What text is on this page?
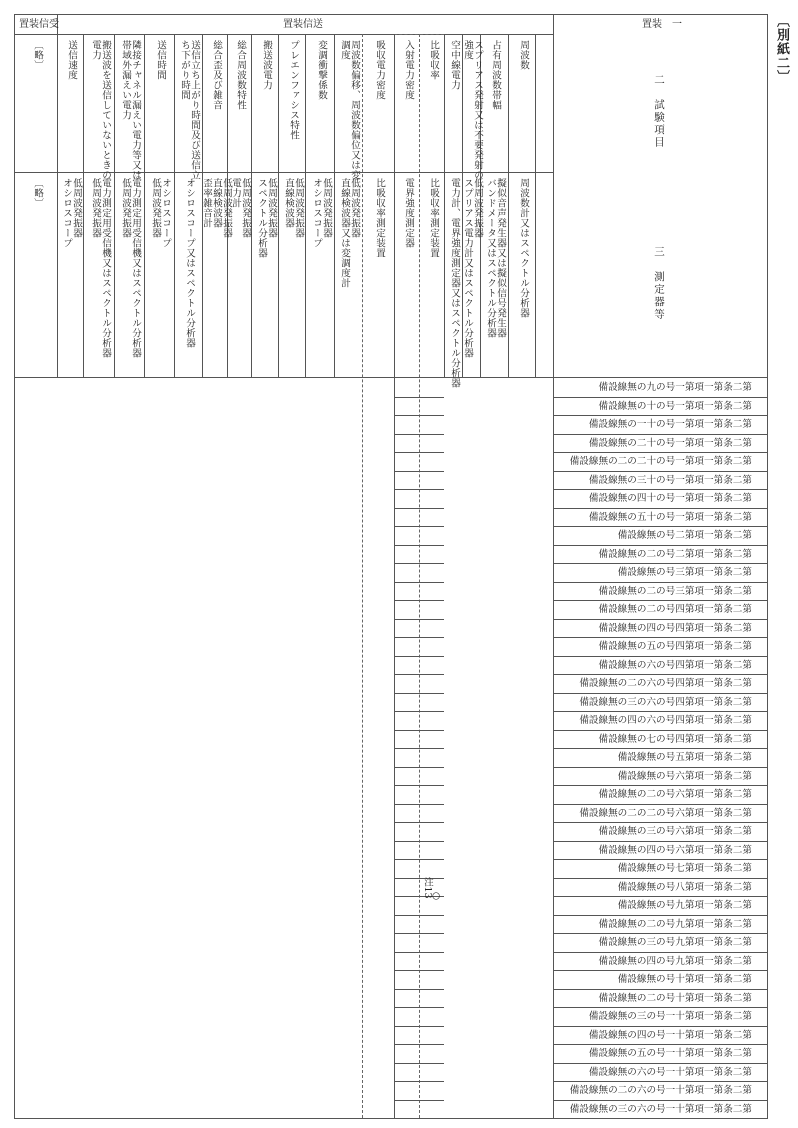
〔別紙二〕
置装信受	置装信送	置装　一
二　試験項目
三　測定器等
〔略〕
〔略〕
送信速度
低周波発振器
オシロスコープ
搬送波を送信していないときの
電力
電力測定用受信機又はスペクトル分析器
低周波発振器
隣接チャネル漏えい電力等又は
帯域外漏えい電力
電力測定用受信機又はスペクトル分析器
低周波発振器
送信時間
オシロスコープ
低周波発振器
送信立ち上がり時間及び送信立
ち下がり時間
オシロスコープ又はスペクトル分析器
総合歪及び雑音
低周波発振器
直線検波器
歪率雑音計
総合周波数特性
低周波発振器
電力計
搬送波電力
低周波発振器
スペクトル分析器
プレエンファシス特性
低周波発振器
直線検波器
変調衝撃係数
低周波発振器
オシロスコープ
周波数偏移、周波数偏位又は変
調度
低周波発振器
直線検波器又は変調度計
吸収電力密度
比吸収率測定装置
入射電力密度
電界強度測定器
比吸収率
比吸収率測定装置
空中線電力
電力計、電界強度測定器又はスペクトル分析器
スプリアス発射又は不要発射の
強度
低周波発振器
スプリアス電力計又はスペクトル分析器
占有周波数帯幅
擬似音声発生器又は擬似信号発生器
バンドメータ又はスペクトル分析器
周波数
周波数計又はスペクトル分析器
備設線無の九の号一第項一第条二第
備設線無の十の号一第項一第条二第
備設線無の一十の号一第項一第条二第
備設線無の二十の号一第項一第条二第
備設線無の二の二十の号一第項一第条二第
備設線無の三十の号一第項一第条二第
備設線無の四十の号一第項一第条二第
備設線無の五十の号一第項一第条二第
備設線無の号二第項一第条二第
備設線無の二の号二第項一第条二第
備設線無の号三第項一第条二第
備設線無の二の号三第項一第条二第
備設線無の二の号四第項一第条二第
備設線無の四の号四第項一第条二第
備設線無の五の号四第項一第条二第
備設線無の六の号四第項一第条二第
備設線無の二の六の号四第項一第条二第
備設線無の三の六の号四第項一第条二第
備設線無の四の六の号四第項一第条二第
備設線無の七の号四第項一第条二第
備設線無の号五第項一第条二第
備設線無の号六第項一第条二第
備設線無の二の号六第項一第条二第
備設線無の二の二の号六第項一第条二第
備設線無の三の号六第項一第条二第
備設線無の四の号六第項一第条二第
備設線無の号七第項一第条二第
備設線無の号八第項一第条二第
備設線無の号九第項一第条二第
備設線無の二の号九第項一第条二第
備設線無の三の号九第項一第条二第
備設線無の四の号九第項一第条二第
備設線無の号十第項一第条二第
備設線無の二の号十第項一第条二第
備設線無の三の号一十第項一第条二第
備設線無の四の号一十第項一第条二第
備設線無の五の号一十第項一第条二第
備設線無の六の号一十第項一第条二第
備設線無の二の六の号一十第項一第条二第
備設線無の三の六の号一十第項一第条二第
注13○
